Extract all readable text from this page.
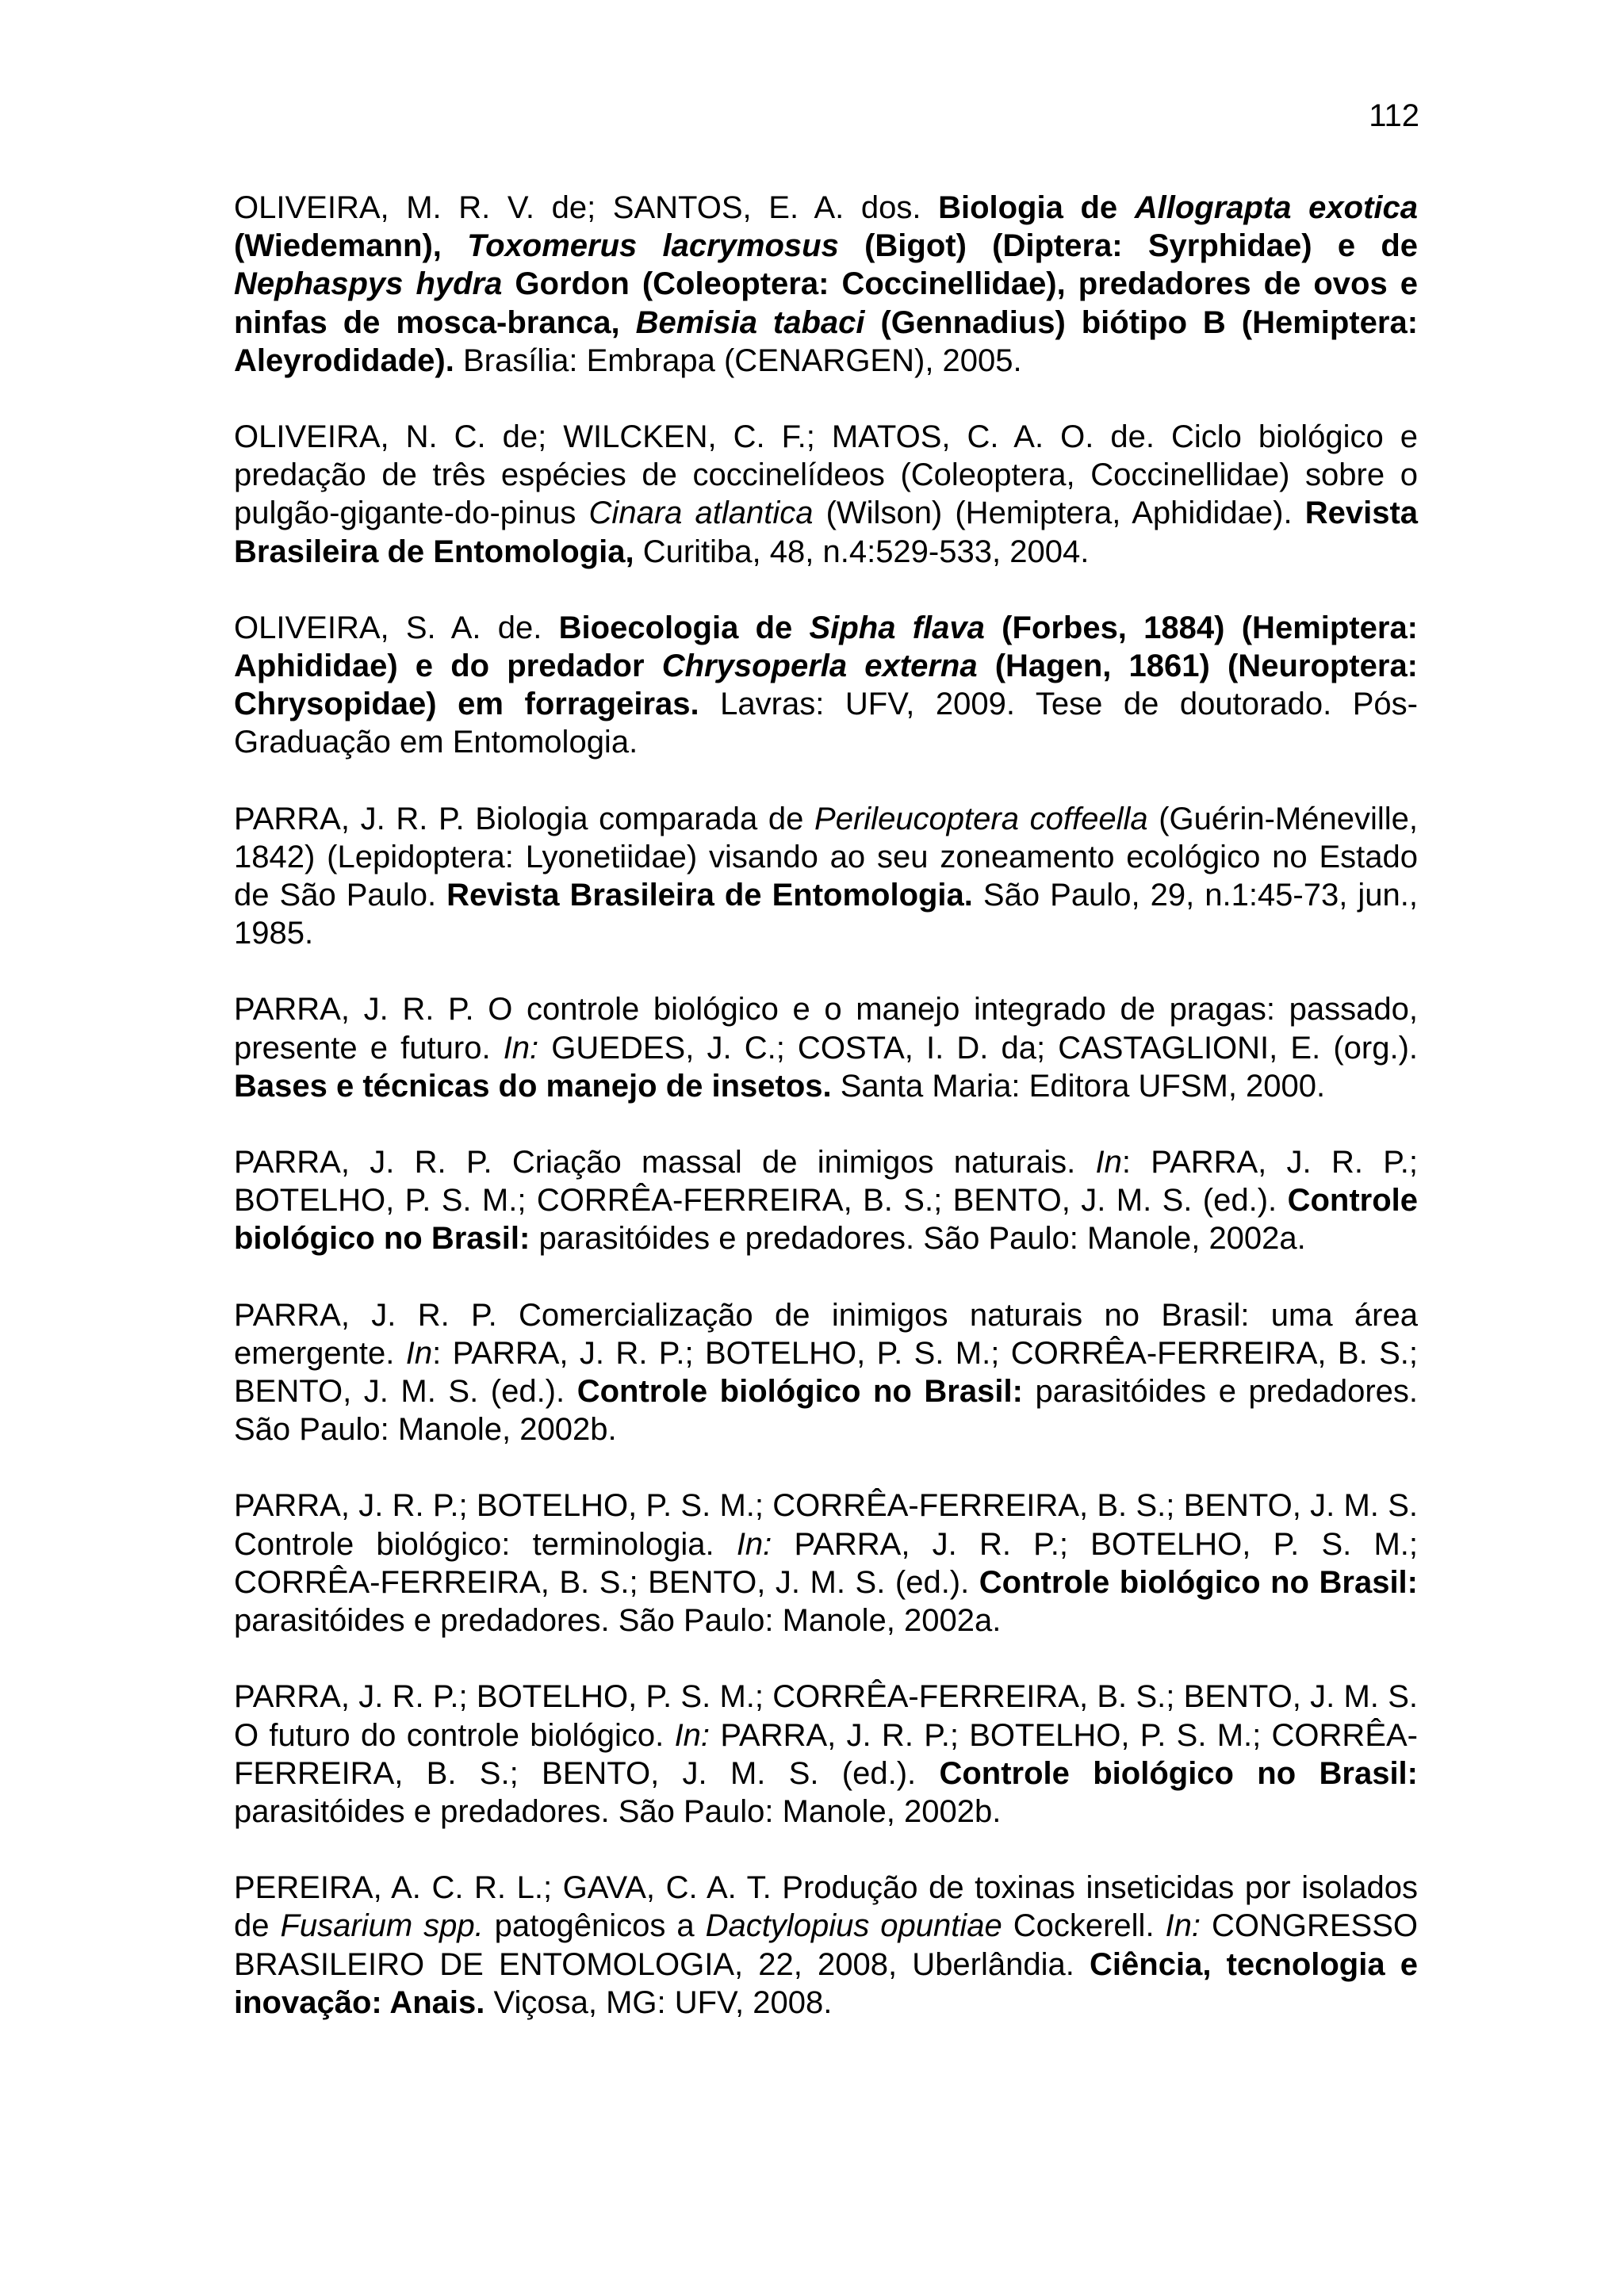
112

OLIVEIRA, M. R. V. de; SANTOS, E. A. dos. Biologia de Allograpta exotica (Wiedemann), Toxomerus lacrymosus (Bigot) (Diptera: Syrphidae) e de Nephaspys hydra Gordon (Coleoptera: Coccinellidae), predadores de ovos e ninfas de mosca-branca, Bemisia tabaci (Gennadius) biótipo B (Hemiptera: Aleyrodidade). Brasília: Embrapa (CENARGEN), 2005.
OLIVEIRA, N. C. de; WILCKEN, C. F.; MATOS, C. A. O. de. Ciclo biológico e predação de três espécies de coccinelídeos (Coleoptera, Coccinellidae) sobre o pulgão-gigante-do-pinus Cinara atlantica (Wilson) (Hemiptera, Aphididae). Revista Brasileira de Entomologia, Curitiba, 48, n.4:529-533, 2004.
OLIVEIRA, S. A. de. Bioecologia de Sipha flava (Forbes, 1884) (Hemiptera: Aphididae) e do predador Chrysoperla externa (Hagen, 1861) (Neuroptera: Chrysopidae) em forrageiras. Lavras: UFV, 2009. Tese de doutorado. Pós-Graduação em Entomologia.
PARRA, J. R. P. Biologia comparada de Perileucoptera coffeella (Guérin-Méneville, 1842) (Lepidoptera: Lyonetiidae) visando ao seu zoneamento ecológico no Estado de São Paulo. Revista Brasileira de Entomologia. São Paulo, 29, n.1:45-73, jun., 1985.
PARRA, J. R. P. O controle biológico e o manejo integrado de pragas: passado, presente e futuro. In: GUEDES, J. C.; COSTA, I. D. da; CASTAGLIONI, E. (org.). Bases e técnicas do manejo de insetos. Santa Maria: Editora UFSM, 2000.
PARRA, J. R. P. Criação massal de inimigos naturais. In: PARRA, J. R. P.; BOTELHO, P. S. M.; CORRÊA-FERREIRA, B. S.; BENTO, J. M. S. (ed.). Controle biológico no Brasil: parasitóides e predadores. São Paulo: Manole, 2002a.
PARRA, J. R. P. Comercialização de inimigos naturais no Brasil: uma área emergente. In: PARRA, J. R. P.; BOTELHO, P. S. M.; CORRÊA-FERREIRA, B. S.; BENTO, J. M. S. (ed.). Controle biológico no Brasil: parasitóides e predadores. São Paulo: Manole, 2002b.
PARRA, J. R. P.; BOTELHO, P. S. M.; CORRÊA-FERREIRA, B. S.; BENTO, J. M. S. Controle biológico: terminologia. In: PARRA, J. R. P.; BOTELHO, P. S. M.; CORRÊA-FERREIRA, B. S.; BENTO, J. M. S. (ed.). Controle biológico no Brasil: parasitóides e predadores. São Paulo: Manole, 2002a.
PARRA, J. R. P.; BOTELHO, P. S. M.; CORRÊA-FERREIRA, B. S.; BENTO, J. M. S. O futuro do controle biológico. In: PARRA, J. R. P.; BOTELHO, P. S. M.; CORRÊA-FERREIRA, B. S.; BENTO, J. M. S. (ed.). Controle biológico no Brasil: parasitóides e predadores. São Paulo: Manole, 2002b.
PEREIRA, A. C. R. L.; GAVA, C. A. T. Produção de toxinas inseticidas por isolados de Fusarium spp. patogênicos a Dactylopius opuntiae Cockerell. In: CONGRESSO BRASILEIRO DE ENTOMOLOGIA, 22, 2008, Uberlândia. Ciência, tecnologia e inovação: Anais. Viçosa, MG: UFV, 2008.
